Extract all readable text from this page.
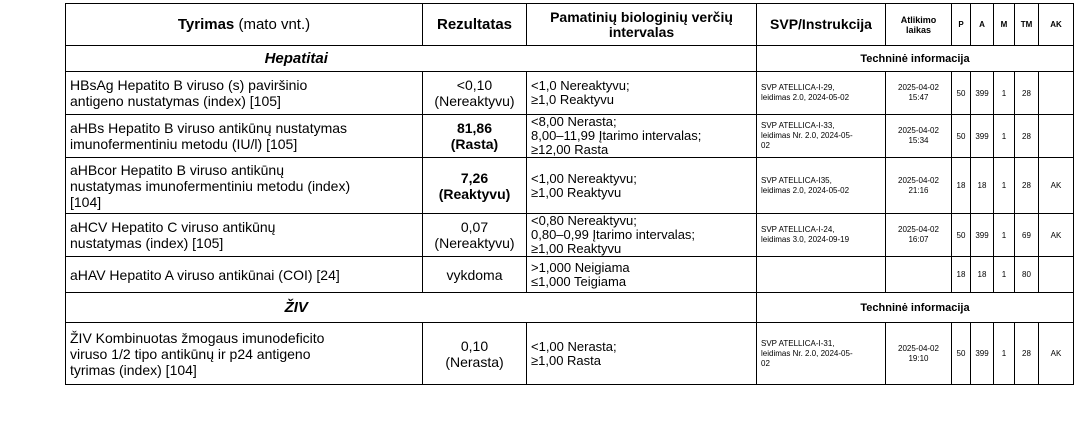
Tyrimas (mato vnt.)	Rezultatas	Pamatinių biologinių verčių intervalas	SVP/Instrukcija	Atlikimo laikas	P	A	M	TM	AK
Hepatitai			Techninė informacija						

HBsAg Hepatito B viruso (s) paviršinio
antigeno nustatymas (index) [105]	<0,10
(Nereaktyvu)	<1,0 Nereaktyvu;
≥1,0 Reaktyvu	SVP ATELLICA-I-29,
leidimas 2.0, 2024-05-02	2025-04-02
15:47	50	399	1	28	

aHBs Hepatito B viruso antikūnų nustatymas
imunofermentiniu metodu (IU/l) [105]	81,86
(Rasta)	<8,00 Nerasta;
8,00–11,99 Įtarimo intervalas;
≥12,00 Rasta	SVP ATELLICA-I-33,
leidimas Nr. 2.0, 2024-05-
02	2025-04-02
15:34	50	399	1	28	

aHBcor Hepatito B viruso antikūnų
nustatymas imunofermentiniu metodu (index)
[104]	7,26
(Reaktyvu)	<1,00 Nereaktyvu;
≥1,00 Reaktyvu	SVP ATELLICA-I35,
leidimas 2.0, 2024-05-02	2025-04-02
21:16	18	18	1	28	AK

aHCV Hepatito C viruso antikūnų
nustatymas (index) [105]	0,07
(Nereaktyvu)	<0,80 Nereaktyvu;
0,80–0,99 Įtarimo intervalas;
≥1,00 Reaktyvu	SVP ATELLICA-I-24,
leidimas 3.0, 2024-09-19	2025-04-02
16:07	50	399	1	69	AK

aHAV Hepatito A viruso antikūnai (COI) [24]	vykdoma	>1,000 Neigiama
≤1,000 Teigiama			18	18	1	80	
ŽIV			Techninė informacija						

ŽIV Kombinuotas žmogaus imunodeficito
viruso 1/2 tipo antikūnų ir p24 antigeno
tyrimas (index) [104]	0,10
(Nerasta)	<1,00 Nerasta;
≥1,00 Rasta	SVP ATELLICA-I-31,
leidimas Nr. 2.0, 2024-05-
02	2025-04-02
19:10	50	399	1	28	AK
